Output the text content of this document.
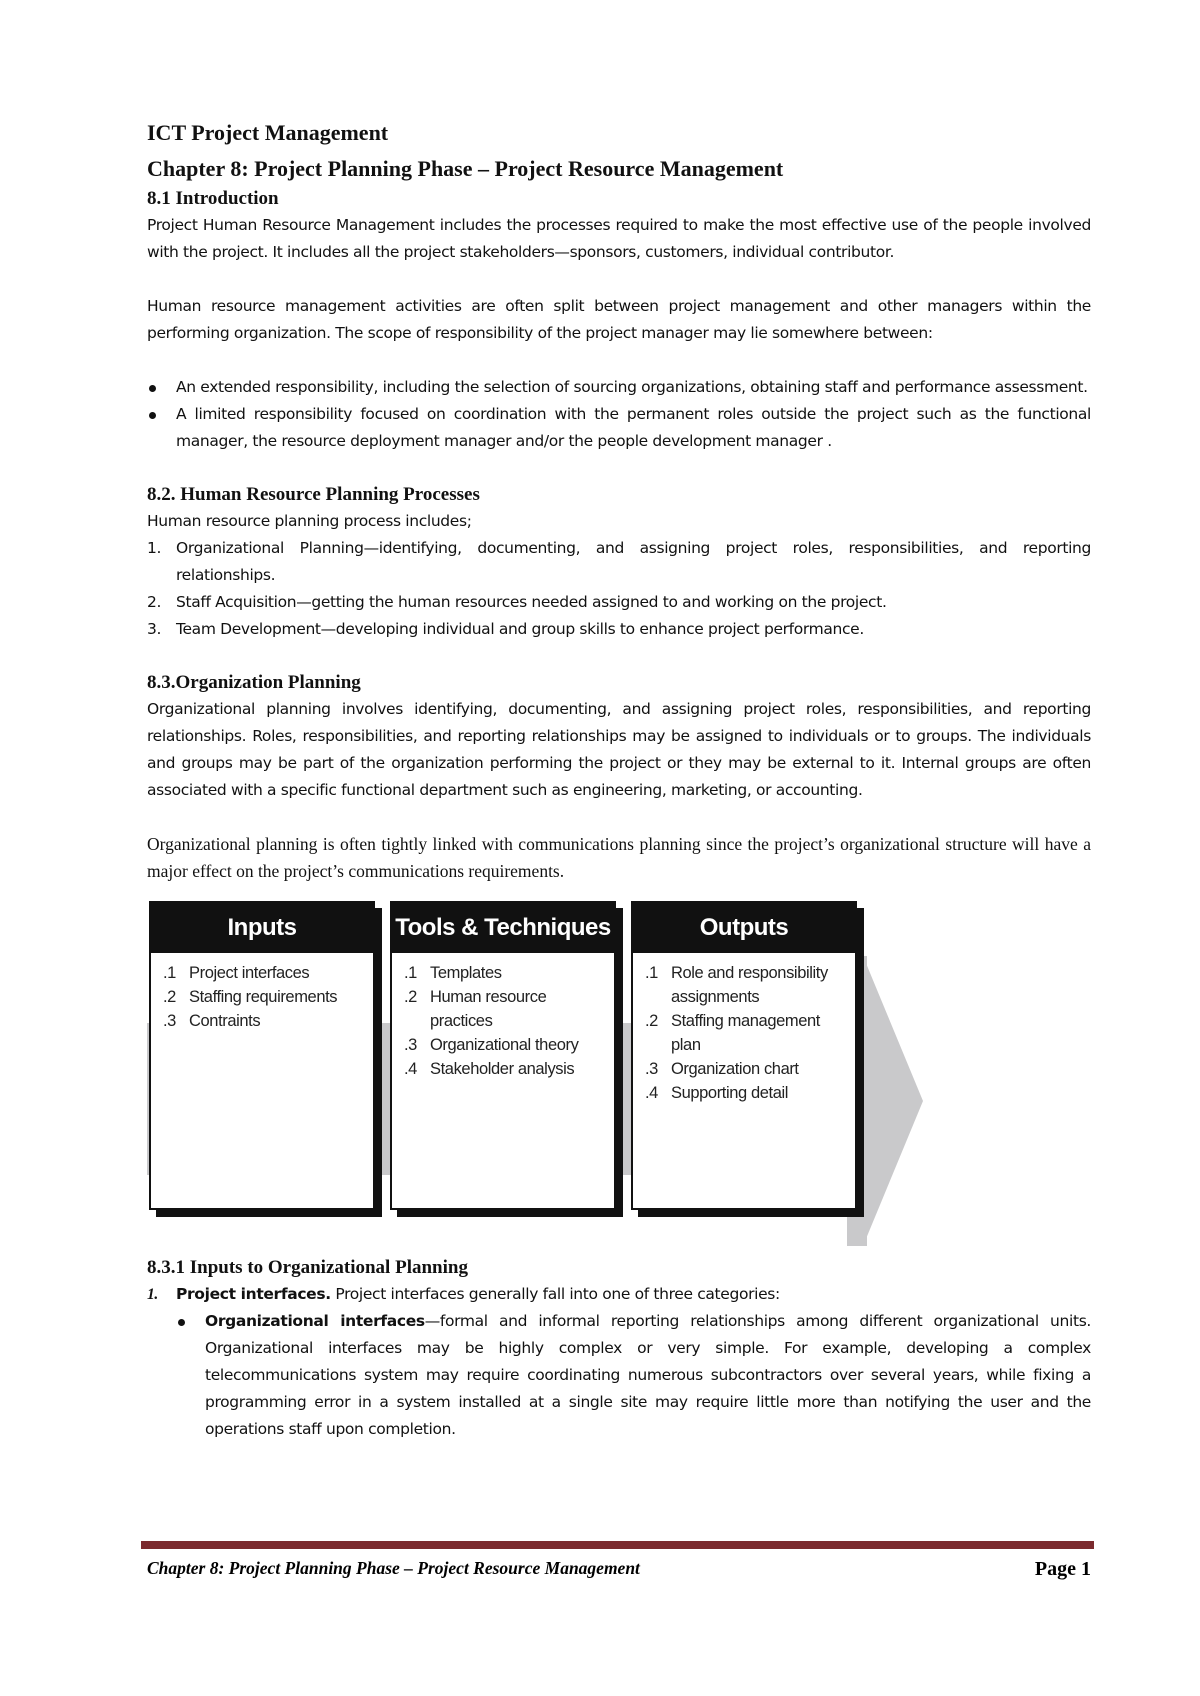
ICT Project Management
Chapter 8: Project Planning Phase – Project Resource Management
8.1 Introduction

Project Human Resource Management includes the processes required to make the most effective use of the people involved with the project. It includes all the project stakeholders—sponsors, customers, individual contributor.

Human resource management activities are often split between project management and other managers within the performing organization. The scope of responsibility of the project manager may lie somewhere between:

An extended responsibility, including the selection of sourcing organizations, obtaining staff and performance assessment.
A limited responsibility focused on coordination with the permanent roles outside the project such as the functional manager, the resource deployment manager and/or the people development manager .
8.2. Human Resource Planning Processes

Human resource planning process includes;

1. Organizational Planning—identifying, documenting, and assigning project roles, responsibilities, and reporting relationships.
2. Staff Acquisition—getting the human resources needed assigned to and working on the project.
3. Team Development—developing individual and group skills to enhance project performance.
8.3.Organization Planning

Organizational planning involves identifying, documenting, and assigning project roles, responsibilities, and reporting relationships. Roles, responsibilities, and reporting relationships may be assigned to individuals or to groups. The individuals and groups may be part of the organization performing the project or they may be external to it. Internal groups are often associated with a specific functional department such as engineering, marketing, or accounting.

Organizational planning is often tightly linked with communications planning since the project’s organizational structure will have a major effect on the project’s communications requirements.

Inputs
.1 Project interfaces
.2 Staffing requirements
.3 Contraints
Tools & Techniques
.1 Templates
.2 Human resource practices
.3 Organizational theory
.4 Stakeholder analysis
Outputs
.1 Role and responsibility assignments
.2 Staffing management plan
.3 Organization chart
.4 Supporting detail
8.3.1 Inputs to Organizational Planning
1. Project interfaces. Project interfaces generally fall into one of three categories:
Organizational interfaces—formal and informal reporting relationships among different organizational units. Organizational interfaces may be highly complex or very simple. For example, developing a complex telecommunications system may require coordinating numerous subcontractors over several years, while fixing a programming error in a system installed at a single site may require little more than notifying the user and the operations staff upon completion.
Chapter 8: Project Planning Phase – Project Resource Management	Page 1
